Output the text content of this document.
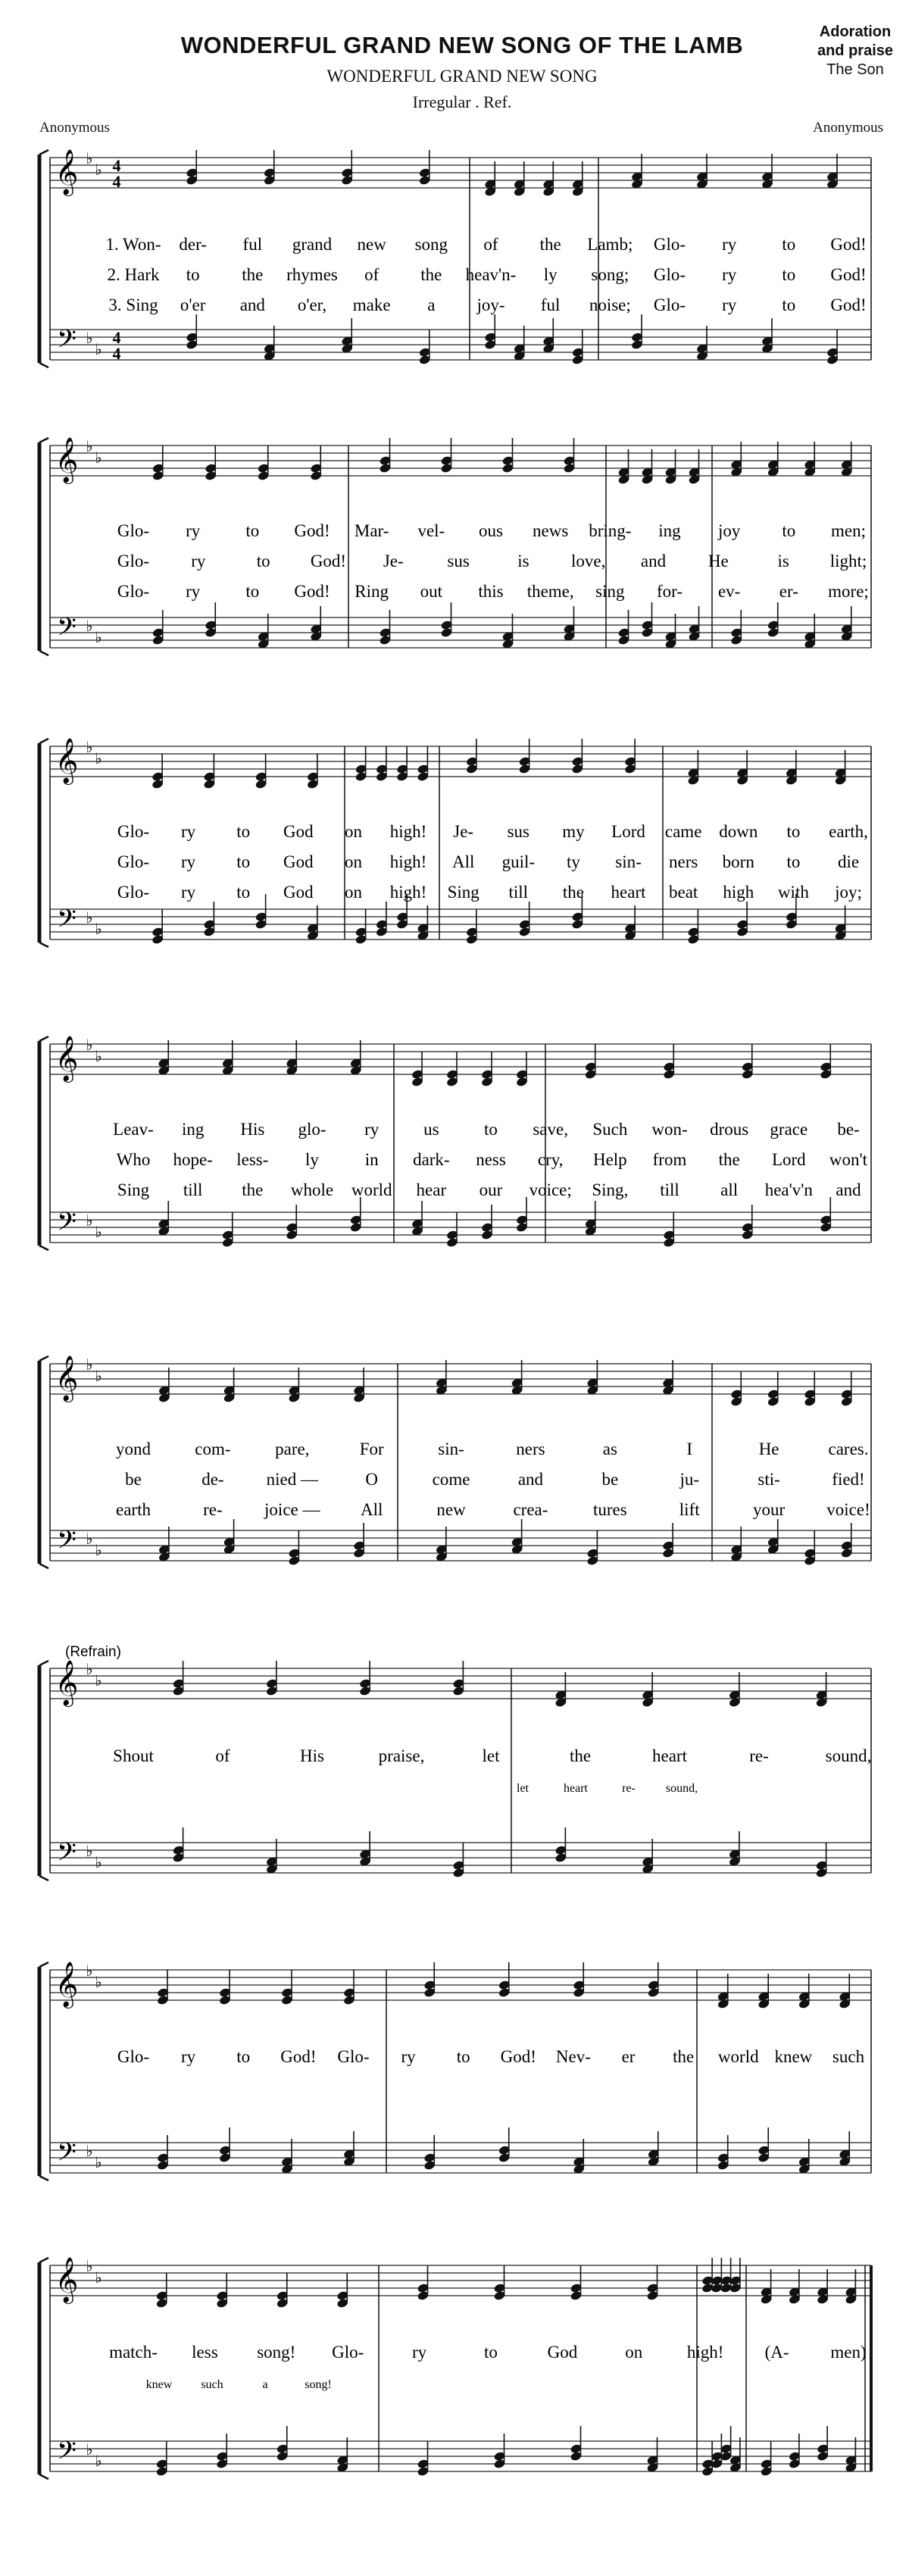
WONDERFUL GRAND NEW SONG OF THE LAMB
WONDERFUL GRAND NEW SONG
Irregular . Ref.
Adoration
and praise
The Son
Anonymous	Anonymous
𝄞
𝄢
♭
♭
♭
♭
4
4
4
4
1. Won- der- ful grand new song of the Lamb; Glo- ry	to God!
2. Hark to the rhymes of the heav'n- ly song; Glo- ry	to God!
3. Sing o'er and o'er, make a joy- ful noise; Glo- ry	to God!
𝄞
𝄢
♭
♭
♭
♭
Glo- ry	to God! Mar- vel- ous news bring- ing joy to men;
Glo- ry	to God! Je-	sus	is love, and He	is light;
Glo- ry	to God! Ring out this theme, sing for- ev- er- more;
𝄞
𝄢
♭
♭
♭
♭
Glo- ry to God on high! Je- sus my Lord came down to earth,
Glo- ry to God on high! All guil- ty sin- ners born to die
Glo- ry to God on high! Sing till the heart beat high with joy;
𝄞
𝄢
♭
♭
♭
♭
Leav- ing His glo- ry	us	to save, Such won- drous grace be-
Who hope- less- ly	in dark- ness cry, Help from the Lord won't
Sing till the whole world hear our voice; Sing, till all hea'v'n and
𝄞
𝄢
♭
♭
♭
♭
yond	com-	pare,	For	sin-	ners	as	I	He	cares.
be	de- nied —	O	come	and	be	ju-	sti-	fied!
earth	re- joice — All	new	crea-	tures	lift	your voice!
𝄞
𝄢
♭
♭
♭
♭
Shout	of	His	praise,	let	the	heart	re-	sound,
let	heart	re-	sound,
(Refrain)
𝄞
𝄢
♭
♭
♭
♭
Glo- ry to God! Glo- ry to God! Nev- er the world knew such
𝄞
𝄢
♭
♭
♭
♭
match- less song! Glo-	ry	to	God	on	high! (A- men)
knew such	a	song!
